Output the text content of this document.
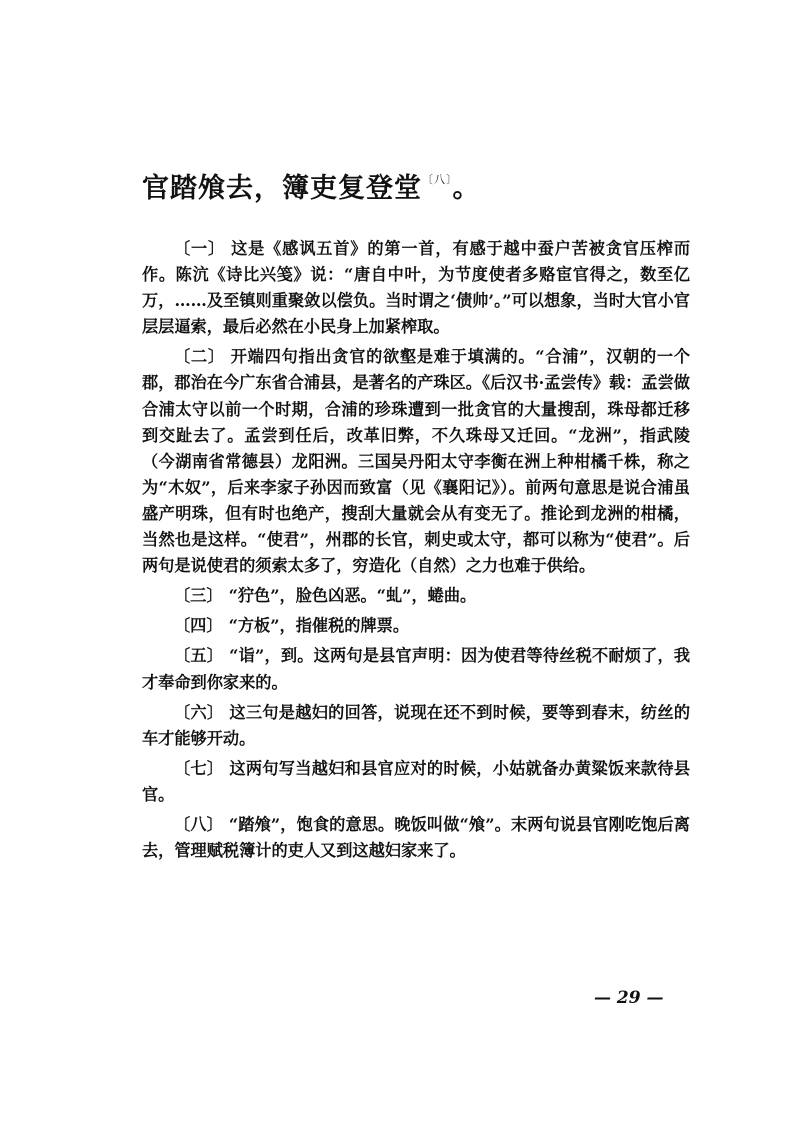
官踏飧去，簿吏复登堂$^{〔八〕}$。

〔一〕 这是《感讽五首》的第一首，有感于越中蚕户苦被贪官压榨而作。陈沆《诗比兴笺》说：“唐自中叶，为节度使者多赂宦官得之，数至亿万，……及至镇则重聚敛以偿负。当时谓之‘债帅’。”可以想象，当时大官小官层层逼索，最后必然在小民身上加紧榨取。

〔二〕 开端四句指出贪官的欲壑是难于填满的。“合浦”，汉朝的一个郡，郡治在今广东省合浦县，是著名的产珠区。《后汉书·孟尝传》载：孟尝做合浦太守以前一个时期，合浦的珍珠遭到一批贪官的大量搜刮，珠母都迁移到交趾去了。孟尝到任后，改革旧弊，不久珠母又迁回。“龙洲”，指武陵（今湖南省常德县）龙阳洲。三国吴丹阳太守李衡在洲上种柑橘千株，称之为“木奴”，后来李家子孙因而致富（见《襄阳记》）。前两句意思是说合浦虽盛产明珠，但有时也绝产，搜刮大量就会从有变无了。推论到龙洲的柑橘，当然也是这样。“使君”，州郡的长官，刺史或太守，都可以称为“使君”。后两句是说使君的须索太多了，穷造化（自然）之力也难于供给。

〔三〕 “狞色”，脸色凶恶。“虬”，蜷曲。

〔四〕 “方板”，指催税的牌票。

〔五〕 “诣”，到。这两句是县官声明：因为使君等待丝税不耐烦了，我才奉命到你家来的。

〔六〕 这三句是越妇的回答，说现在还不到时候，要等到春末，纺丝的车才能够开动。

〔七〕 这两句写当越妇和县官应对的时候，小姑就备办黄粱饭来款待县官。

〔八〕 “踏飧”，饱食的意思。晚饭叫做“飧”。末两句说县官刚吃饱后离去，管理赋税簿计的吏人又到这越妇家来了。

— 29 —
